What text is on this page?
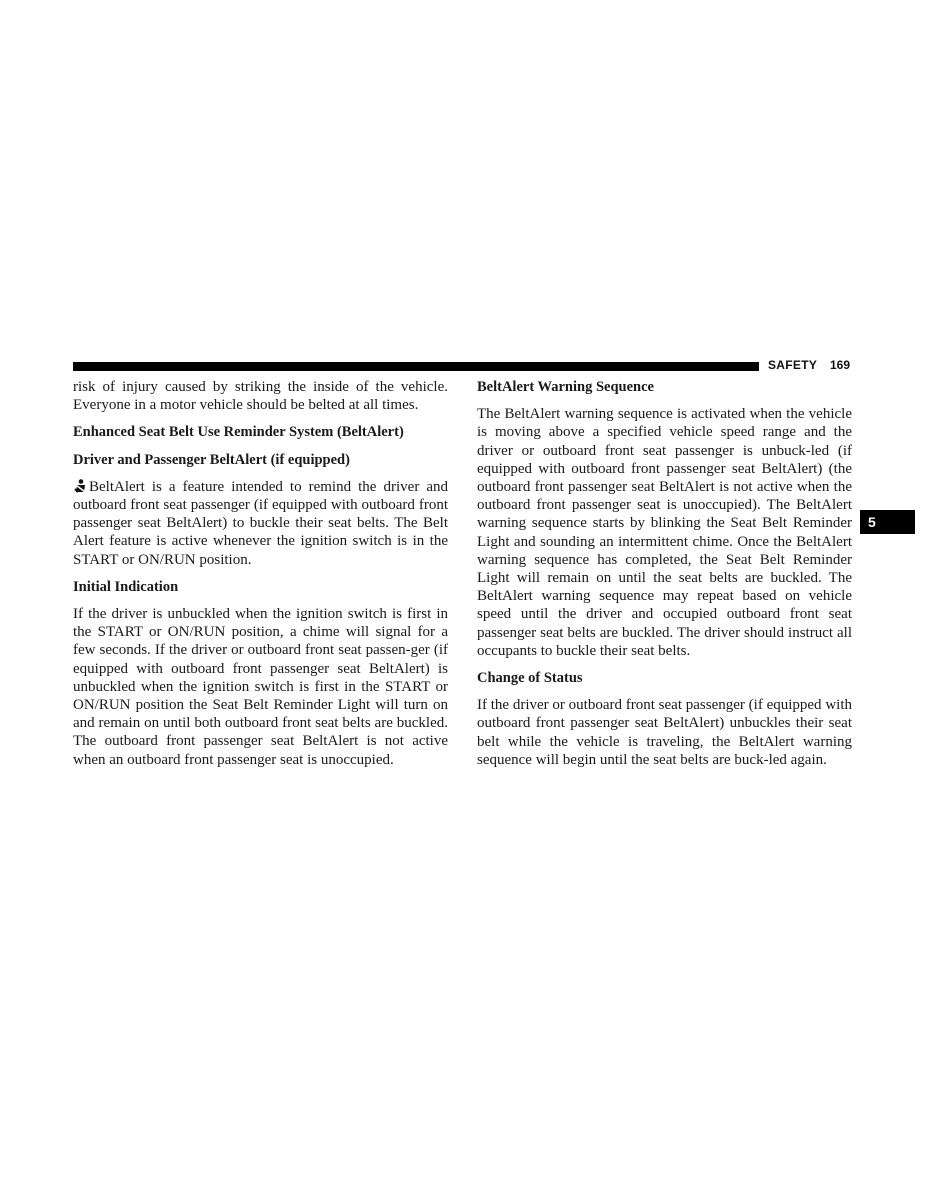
SAFETY 169
5

risk of injury caused by striking the inside of the vehicle. Everyone in a motor vehicle should be belted at all times.

Enhanced Seat Belt Use Reminder System (BeltAlert)
Driver and Passenger BeltAlert (if equipped)

BeltAlert is a feature intended to remind the driver and outboard front seat passenger (if equipped with outboard front passenger seat BeltAlert) to buckle their seat belts. The Belt Alert feature is active whenever the ignition switch is in the START or ON/RUN position.

Initial Indication

If the driver is unbuckled when the ignition switch is first in the START or ON/RUN position, a chime will signal for a few seconds. If the driver or outboard front seat passen-ger (if equipped with outboard front passenger seat BeltAlert) is unbuckled when the ignition switch is first in the START or ON/RUN position the Seat Belt Reminder Light will turn on and remain on until both outboard front seat belts are buckled. The outboard front passenger seat BeltAlert is not active when an outboard front passenger seat is unoccupied.

BeltAlert Warning Sequence

The BeltAlert warning sequence is activated when the vehicle is moving above a specified vehicle speed range and the driver or outboard front seat passenger is unbuck-led (if equipped with outboard front passenger seat BeltAlert) (the outboard front passenger seat BeltAlert is not active when the outboard front passenger seat is unoccupied). The BeltAlert warning sequence starts by blinking the Seat Belt Reminder Light and sounding an intermittent chime. Once the BeltAlert warning sequence has completed, the Seat Belt Reminder Light will remain on until the seat belts are buckled. The BeltAlert warning sequence may repeat based on vehicle speed until the driver and occupied outboard front seat passenger seat belts are buckled. The driver should instruct all occupants to buckle their seat belts.

Change of Status

If the driver or outboard front seat passenger (if equipped with outboard front passenger seat BeltAlert) unbuckles their seat belt while the vehicle is traveling, the BeltAlert warning sequence will begin until the seat belts are buck-led again.
